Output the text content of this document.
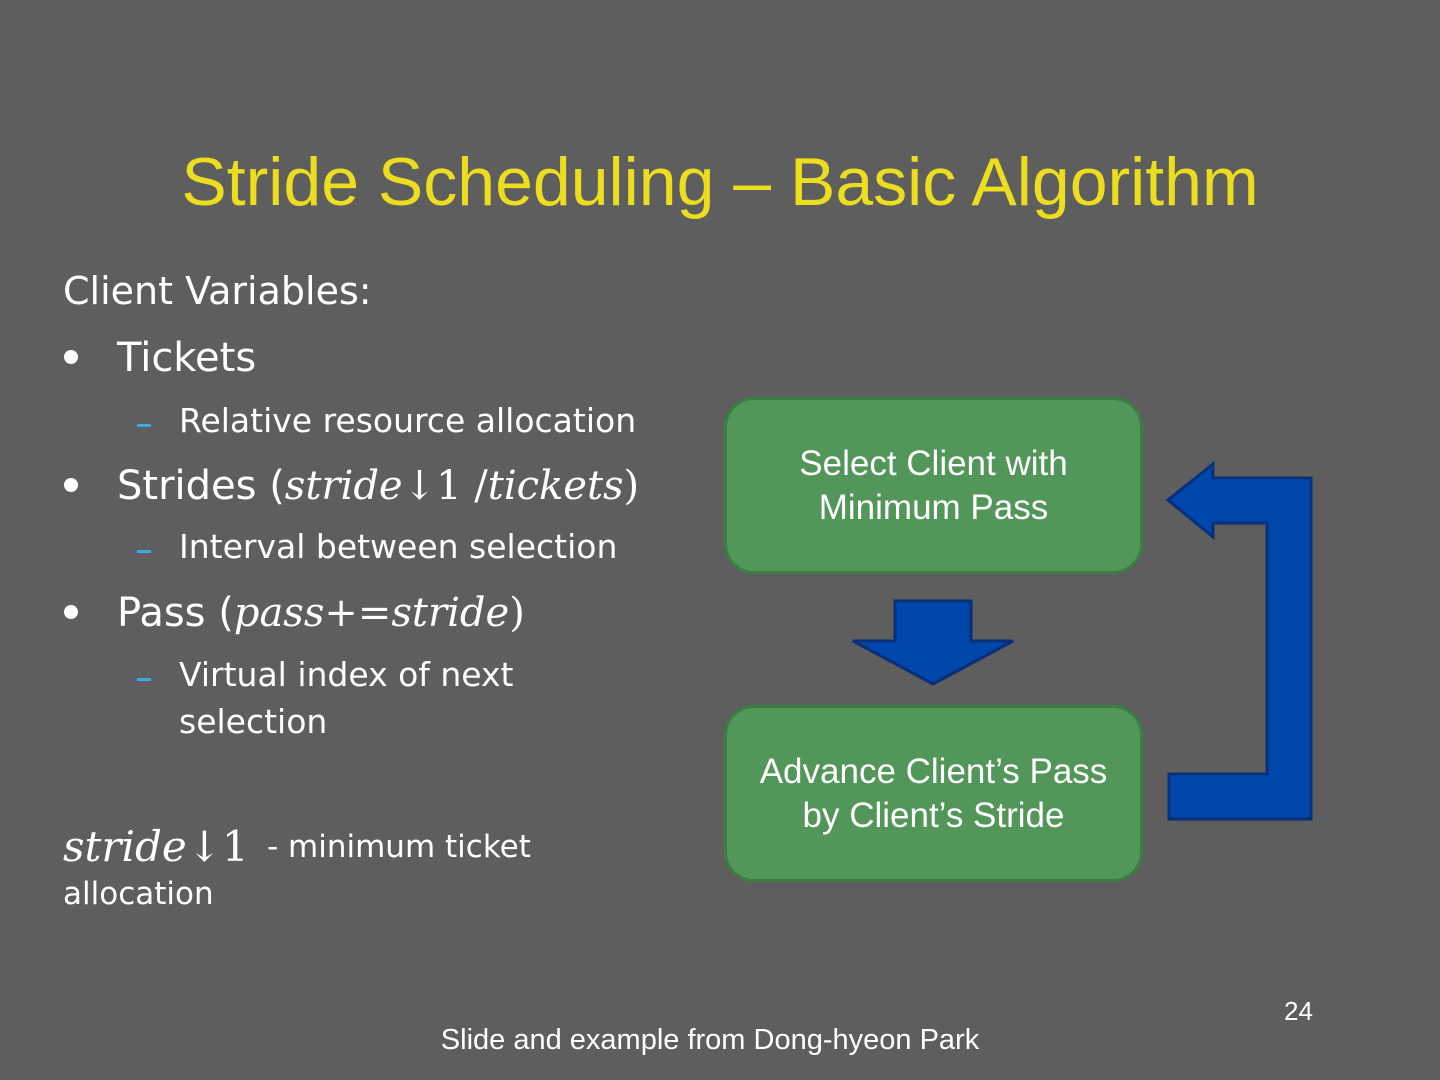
Stride Scheduling – Basic Algorithm
Client Variables:
Tickets
Relative resource allocation
Strides (stride↓1 /tickets)
Interval between selection
Pass (pass+=stride)
Virtual index of next
selection
stride↓1 - minimum ticket
allocation
Select Client with
Minimum Pass
Advance Client’s Pass
by Client’s Stride
24
Slide and example from Dong-hyeon Park
